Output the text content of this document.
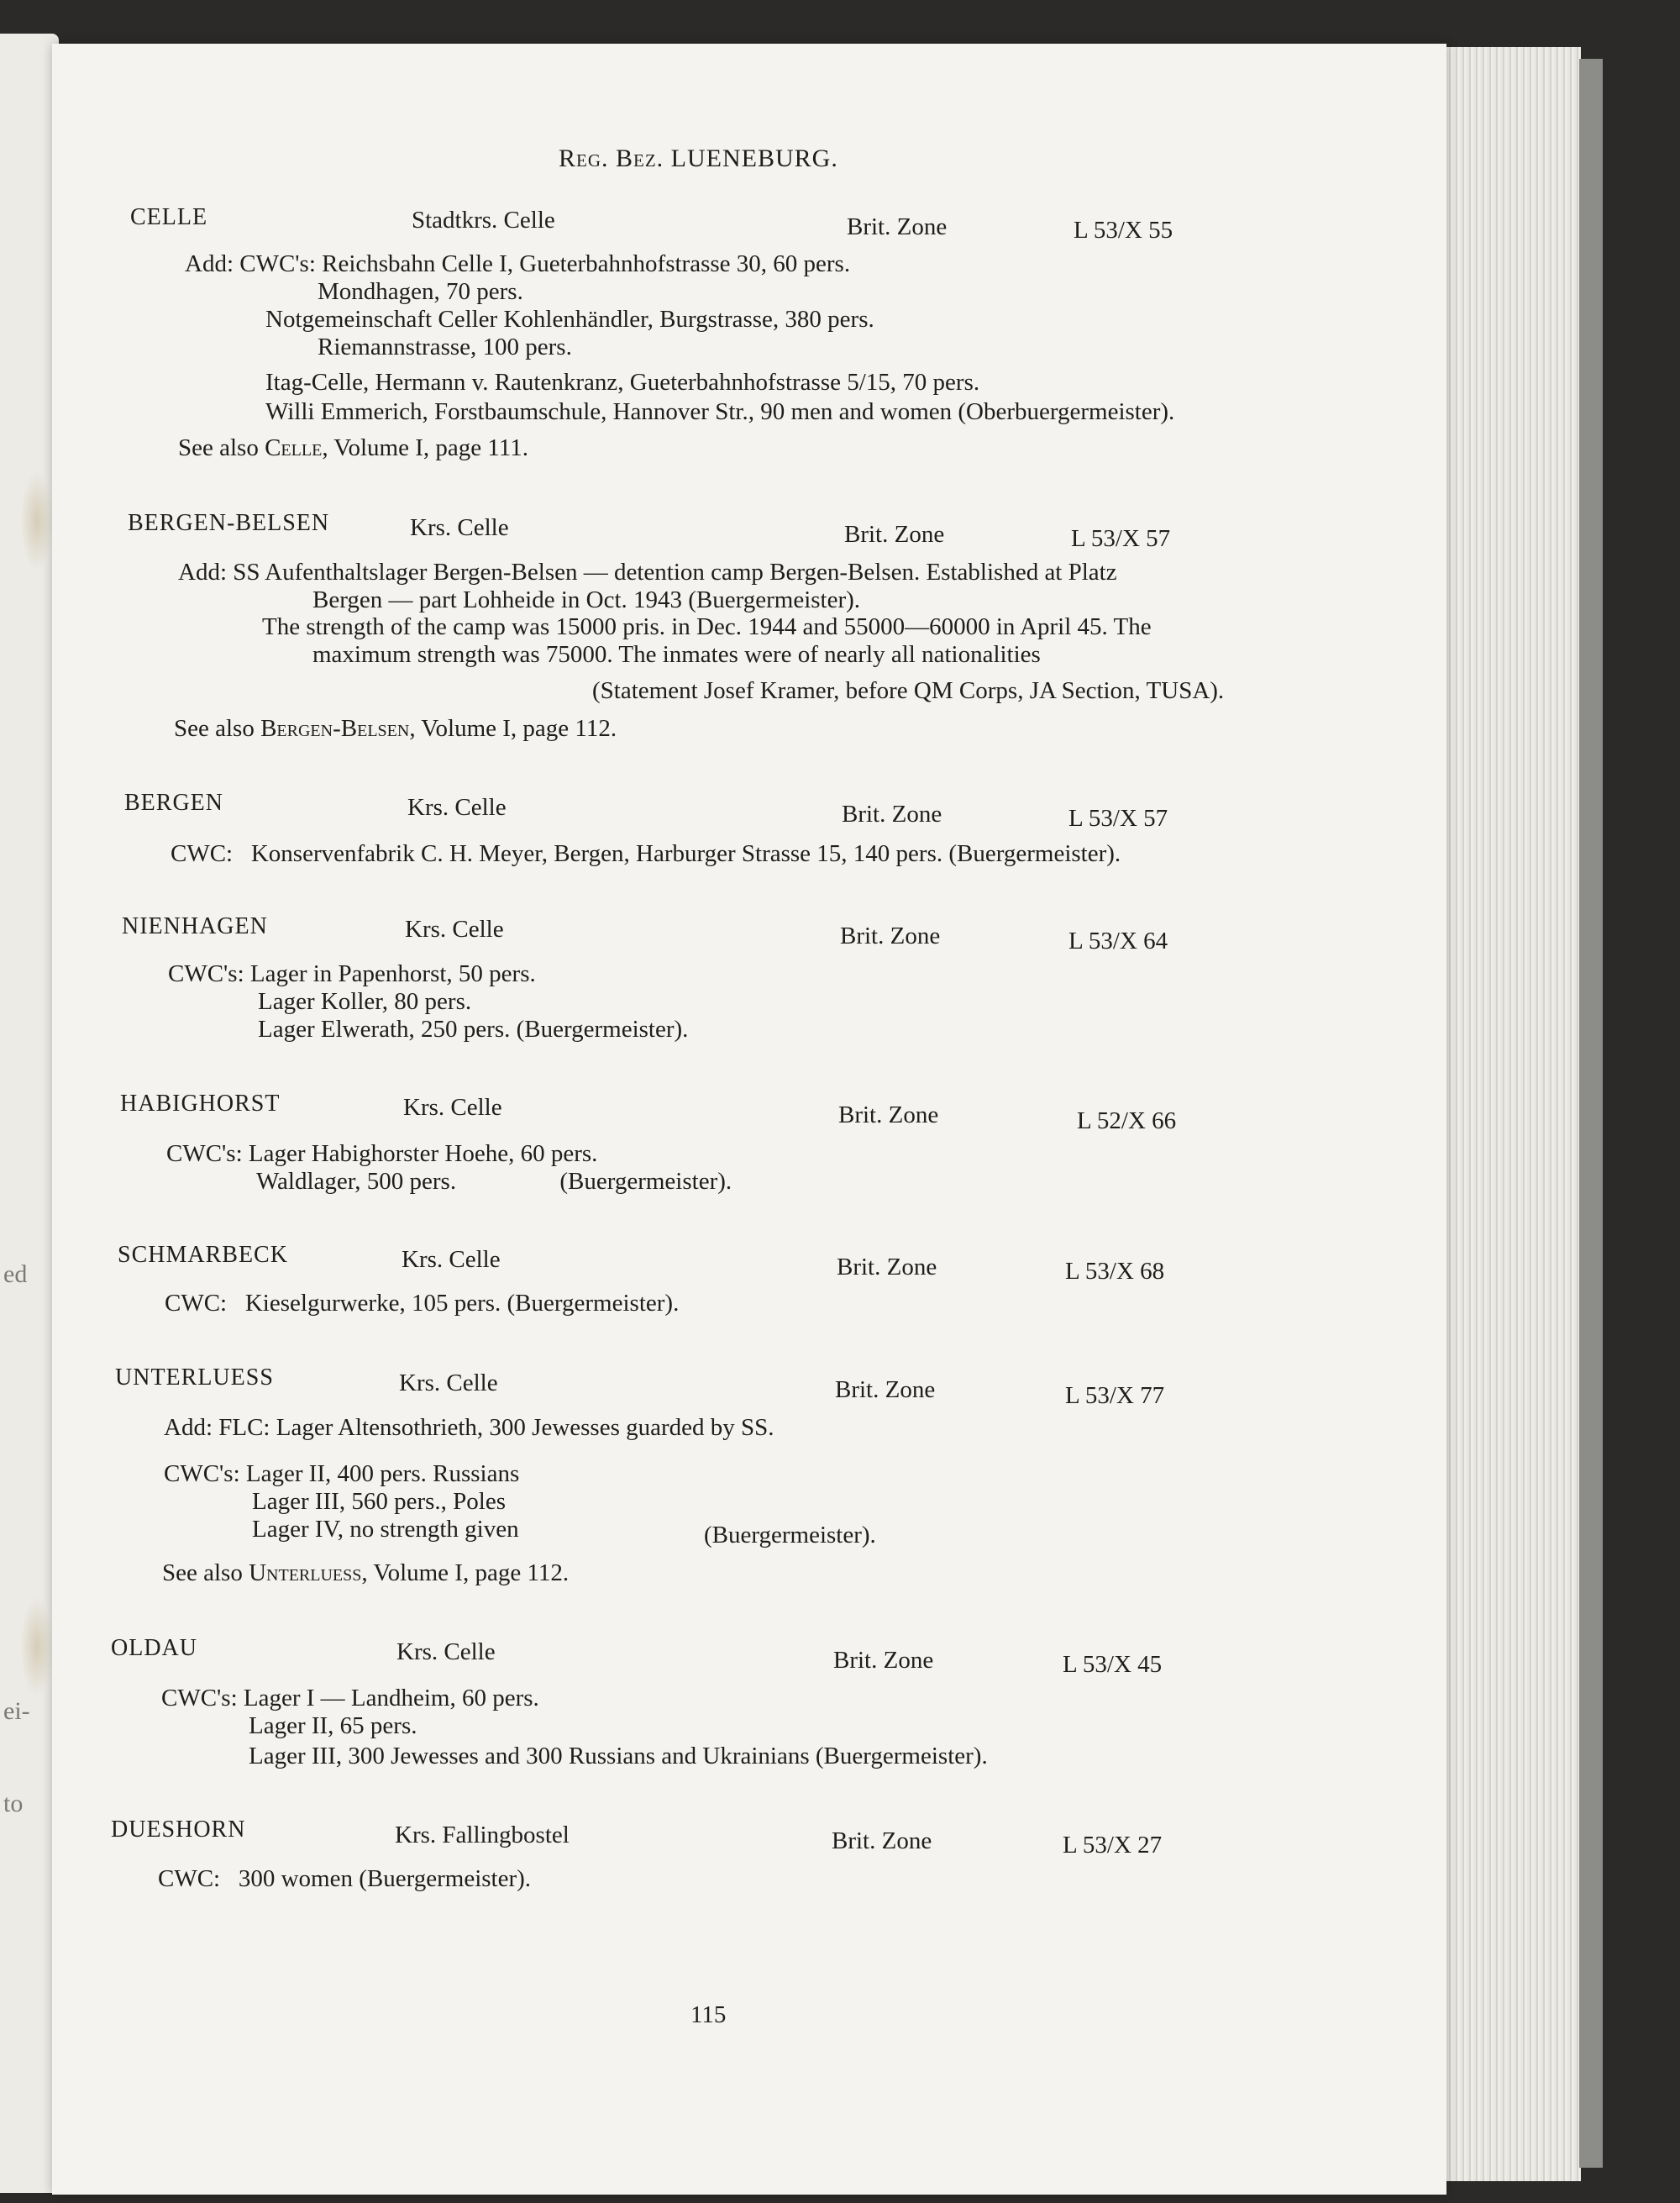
ed
ei-
to
Reg. Bez. LUENEBURG.
CELLE	Stadtkrs. Celle	Brit. Zone	L 53/X 55
Add: CWC's: Reichsbahn Celle I, Gueterbahnhofstrasse 30, 60 pers.
Mondhagen, 70 pers.
Notgemeinschaft Celler Kohlenhändler, Burgstrasse, 380 pers.
Riemannstrasse, 100 pers.
Itag-Celle, Hermann v. Rautenkranz, Gueterbahnhofstrasse 5/15, 70 pers.
Willi Emmerich, Forstbaumschule, Hannover Str., 90 men and women (Oberbuergermeister).
See also Celle, Volume I, page 111.
BERGEN-BELSEN	Krs. Celle	Brit. Zone	L 53/X 57
Add: SS Aufenthaltslager Bergen-Belsen — detention camp Bergen-Belsen. Established at Platz
Bergen — part Lohheide in Oct. 1943 (Buergermeister).
The strength of the camp was 15000 pris. in Dec. 1944 and 55000—60000 in April 45. The
maximum strength was 75000. The inmates were of nearly all nationalities
(Statement Josef Kramer, before QM Corps, JA Section, TUSA).
See also Bergen-Belsen, Volume I, page 112.
BERGEN	Krs. Celle	Brit. Zone	L 53/X 57
CWC:   Konservenfabrik C. H. Meyer, Bergen, Harburger Strasse 15, 140 pers. (Buergermeister).
NIENHAGEN	Krs. Celle	Brit. Zone	L 53/X 64
CWC's: Lager in Papenhorst, 50 pers.
Lager Koller, 80 pers.
Lager Elwerath, 250 pers. (Buergermeister).
HABIGHORST	Krs. Celle	Brit. Zone	L 52/X 66
CWC's: Lager Habighorster Hoehe, 60 pers.
Waldlager, 500 pers.                 (Buergermeister).
SCHMARBECK	Krs. Celle	Brit. Zone	L 53/X 68
CWC:   Kieselgurwerke, 105 pers. (Buergermeister).
UNTERLUESS	Krs. Celle	Brit. Zone	L 53/X 77
Add: FLC: Lager Altensothrieth, 300 Jewesses guarded by SS.
CWC's: Lager II, 400 pers. Russians
Lager III, 560 pers., Poles
Lager IV, no strength given	(Buergermeister).
See also Unterluess, Volume I, page 112.
OLDAU	Krs. Celle	Brit. Zone	L 53/X 45
CWC's: Lager I — Landheim, 60 pers.
Lager II, 65 pers.
Lager III, 300 Jewesses and 300 Russians and Ukrainians (Buergermeister).
DUESHORN	Krs. Fallingbostel	Brit. Zone	L 53/X 27
CWC:   300 women (Buergermeister).
115
